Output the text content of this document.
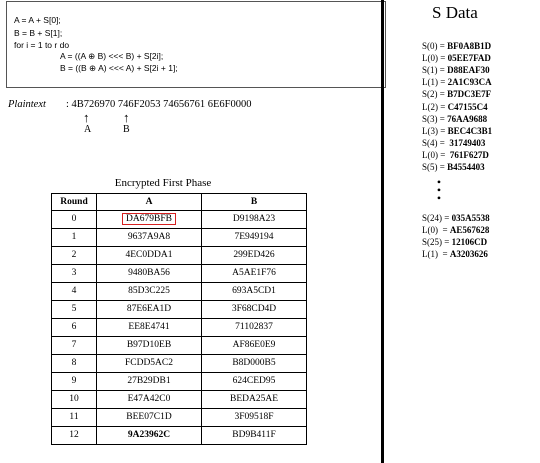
A = A + S[0];
B = B + S[1];
for i = 1 to r do
A = ((A ⊕ B) <<< B) + S[2i];
B = ((B ⊕ A) <<< A) + S[2i + 1];
Plaintext : 4B726970 746F2053 74656761 6E6F0000
↑	↑
A	B
Encrypted First Phase
Round	A	B
0	DA679BFB	D9198A23
1	9637A9A8	7E949194
2	4EC0DDA1	299ED426
3	9480BA56	A5AE1F76
4	85D3C225	693A5CD1
5	87E6EA1D	3F68CD4D
6	EE8E4741	71102837
7	B97D10EB	AF86E0E9
8	FCDD5AC2	B8D000B5
9	27B29DB1	624CED95
10	E47A42C0	BEDA25AE
11	BEE07C1D	3F09518F
12	9A23962C	BD9B411F
S Data
S(0) = BF0A8B1D
L(0) = 05EE7FAD
S(1) = D88EAF30
L(1) = 2A1C93CA
S(2) = B7DC3E7F
L(2) = C47155C4
S(3) = 76AA9688
L(3) = BEC4C3B1
S(4) =  31749403
L(0) =  761F627D
S(5) = B4554403
•
•
•
S(24) = 035A5538
L(0)  = AE567628
S(25) = 12106CD
L(1)  = A3203626
